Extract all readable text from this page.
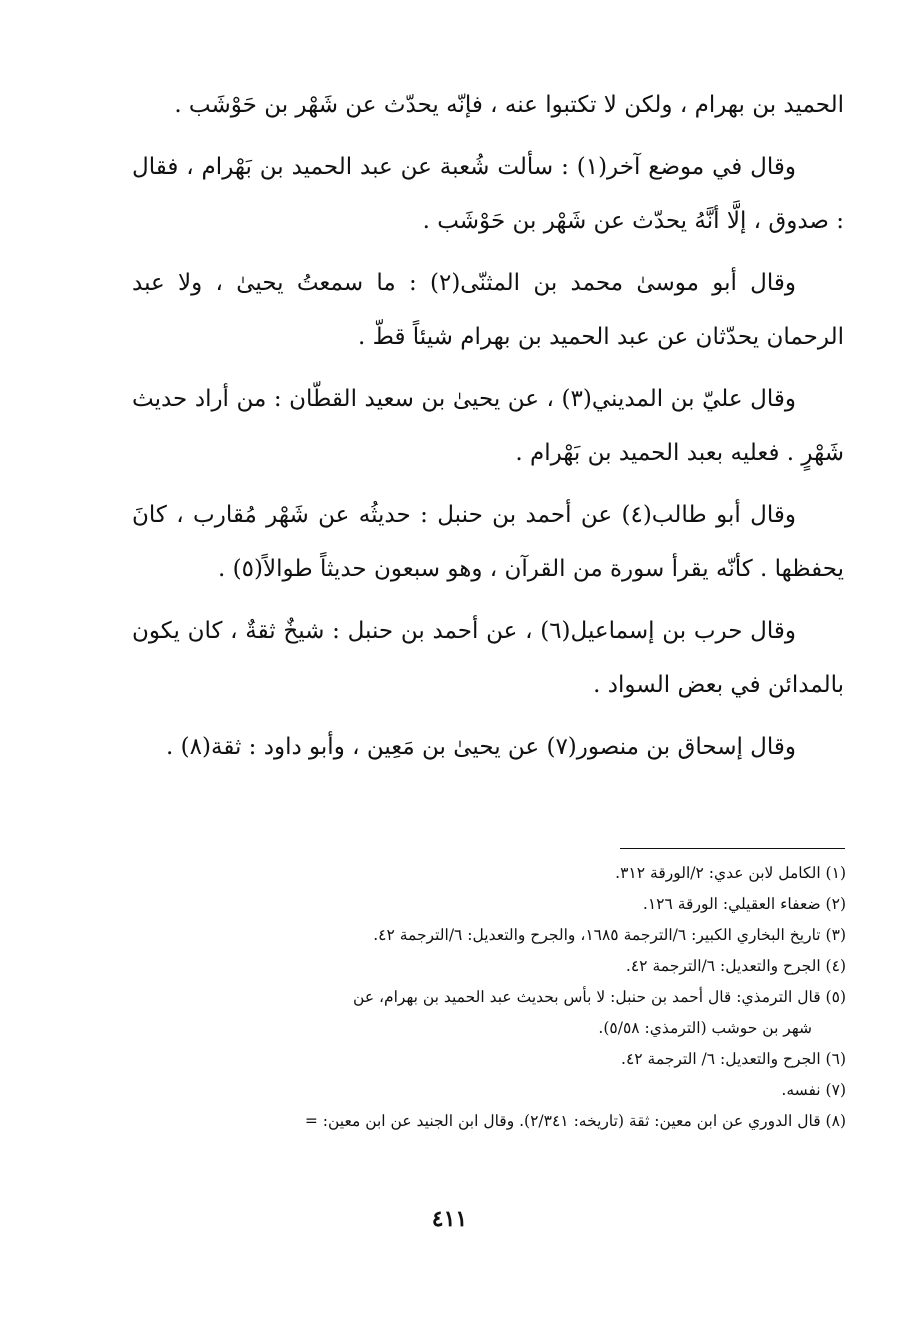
الحميد بن بهرام ، ولكن لا تكتبوا عنه ، فإنّه يحدّث عن شَهْر بن حَوْشَب .

وقال في موضع آخر(١) : سألت شُعبة عن عبد الحميد بن بَهْرام ، فقال : صدوق ، إلَّا أنَّهُ يحدّث عن شَهْر بن حَوْشَب .

وقال أبو موسىٰ محمد بن المثنّى(٢) : ما سمعتُ يحيىٰ ، ولا عبد الرحمان يحدّثان عن عبد الحميد بن بهرام شيئاً قطّ .

وقال عليّ بن المديني(٣) ، عن يحيىٰ بن سعيد القطّان : من أراد حديث شَهْرٍ . فعليه بعبد الحميد بن بَهْرام .

وقال أبو طالب(٤) عن أحمد بن حنبل : حديثُه عن شَهْر مُقارب ، كانَ يحفظها . كأنّه يقرأ سورة من القرآن ، وهو سبعون حديثاً طوالاً(٥) .

وقال حرب بن إسماعيل(٦) ، عن أحمد بن حنبل : شيخٌ ثقةٌ ، كان يكون بالمدائن في بعض السواد .

وقال إسحاق بن منصور(٧) عن يحيىٰ بن مَعِين ، وأبو داود : ثقة(٨) .

(١) الكامل لابن عدي: ٢/الورقة ٣١٢.

(٢) ضعفاء العقيلي: الورقة ١٢٦.

(٣) تاريخ البخاري الكبير: ٦/الترجمة ١٦٨٥، والجرح والتعديل: ٦/الترجمة ٤٢.

(٤) الجرح والتعديل: ٦/الترجمة ٤٢.

(٥) قال الترمذي: قال أحمد بن حنبل: لا بأس بحديث عبد الحميد بن بهرام، عن

شهر بن حوشب (الترمذي: ٥/٥٨).

(٦) الجرح والتعديل: ٦/ الترجمة ٤٢.

(٧) نفسه.

(٨) قال الدوري عن ابن معين: ثقة (تاريخه: ٢/٣٤١). وقال ابن الجنيد عن ابن معين: =

٤١١
